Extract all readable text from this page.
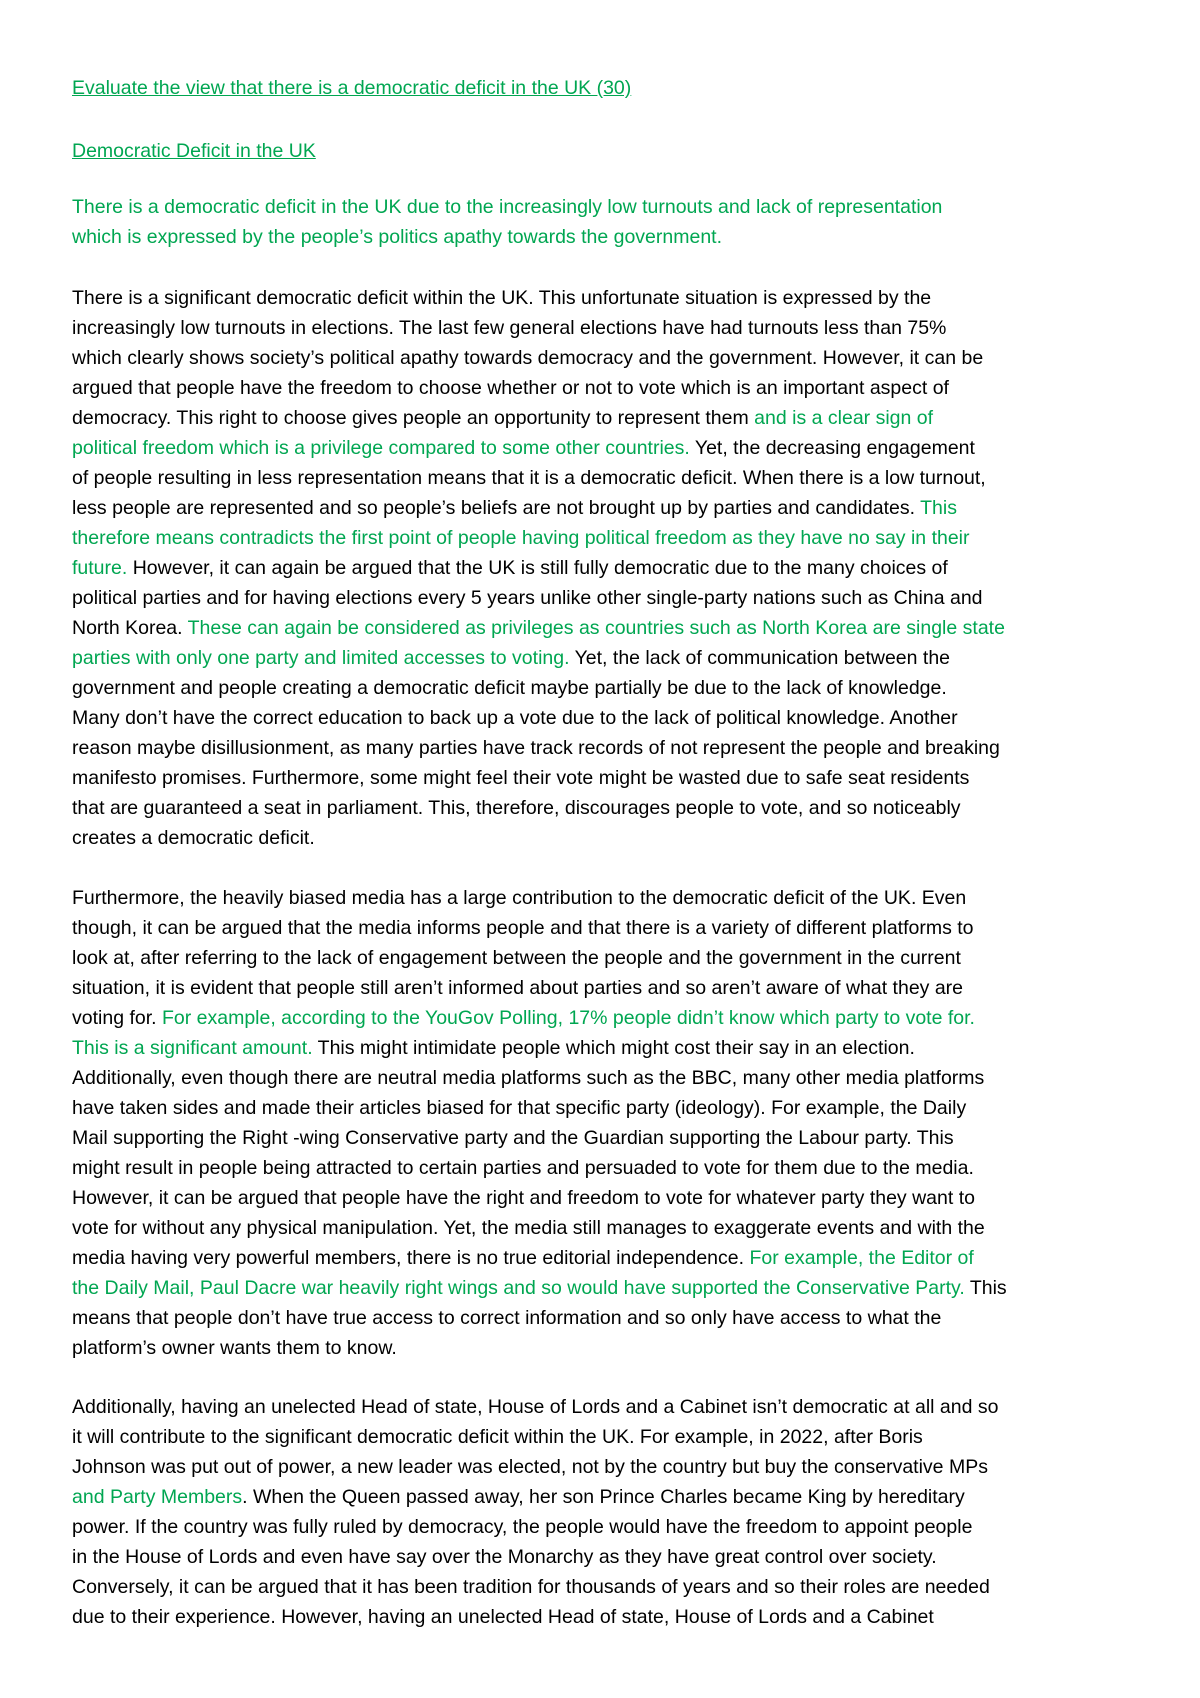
Evaluate the view that there is a democratic deficit in the UK (30)
Democratic Deficit in the UK
There is a democratic deficit in the UK due to the increasingly low turnouts and lack of representation
which is expressed by the people’s politics apathy towards the government.
There is a significant democratic deficit within the UK. This unfortunate situation is expressed by the
increasingly low turnouts in elections. The last few general elections have had turnouts less than 75%
which clearly shows society’s political apathy towards democracy and the government. However, it can be
argued that people have the freedom to choose whether or not to vote which is an important aspect of
democracy. This right to choose gives people an opportunity to represent them and is a clear sign of
political freedom which is a privilege compared to some other countries. Yet, the decreasing engagement
of people resulting in less representation means that it is a democratic deficit. When there is a low turnout,
less people are represented and so people’s beliefs are not brought up by parties and candidates. This
therefore means contradicts the first point of people having political freedom as they have no say in their
future. However, it can again be argued that the UK is still fully democratic due to the many choices of
political parties and for having elections every 5 years unlike other single-party nations such as China and
North Korea. These can again be considered as privileges as countries such as North Korea are single state
parties with only one party and limited accesses to voting. Yet, the lack of communication between the
government and people creating a democratic deficit maybe partially be due to the lack of knowledge.
Many don’t have the correct education to back up a vote due to the lack of political knowledge. Another
reason maybe disillusionment, as many parties have track records of not represent the people and breaking
manifesto promises. Furthermore, some might feel their vote might be wasted due to safe seat residents
that are guaranteed a seat in parliament. This, therefore, discourages people to vote, and so noticeably
creates a democratic deficit.
Furthermore, the heavily biased media has a large contribution to the democratic deficit of the UK. Even
though, it can be argued that the media informs people and that there is a variety of different platforms to
look at, after referring to the lack of engagement between the people and the government in the current
situation, it is evident that people still aren’t informed about parties and so aren’t aware of what they are
voting for. For example, according to the YouGov Polling, 17% people didn’t know which party to vote for.
This is a significant amount. This might intimidate people which might cost their say in an election.
Additionally, even though there are neutral media platforms such as the BBC, many other media platforms
have taken sides and made their articles biased for that specific party (ideology). For example, the Daily
Mail supporting the Right -wing Conservative party and the Guardian supporting the Labour party. This
might result in people being attracted to certain parties and persuaded to vote for them due to the media.
However, it can be argued that people have the right and freedom to vote for whatever party they want to
vote for without any physical manipulation. Yet, the media still manages to exaggerate events and with the
media having very powerful members, there is no true editorial independence. For example, the Editor of
the Daily Mail, Paul Dacre war heavily right wings and so would have supported the Conservative Party. This
means that people don’t have true access to correct information and so only have access to what the
platform’s owner wants them to know.
Additionally, having an unelected Head of state, House of Lords and a Cabinet isn’t democratic at all and so
it will contribute to the significant democratic deficit within the UK. For example, in 2022, after Boris
Johnson was put out of power, a new leader was elected, not by the country but buy the conservative MPs
and Party Members. When the Queen passed away, her son Prince Charles became King by hereditary
power. If the country was fully ruled by democracy, the people would have the freedom to appoint people
in the House of Lords and even have say over the Monarchy as they have great control over society.
Conversely, it can be argued that it has been tradition for thousands of years and so their roles are needed
due to their experience. However, having an unelected Head of state, House of Lords and a Cabinet
